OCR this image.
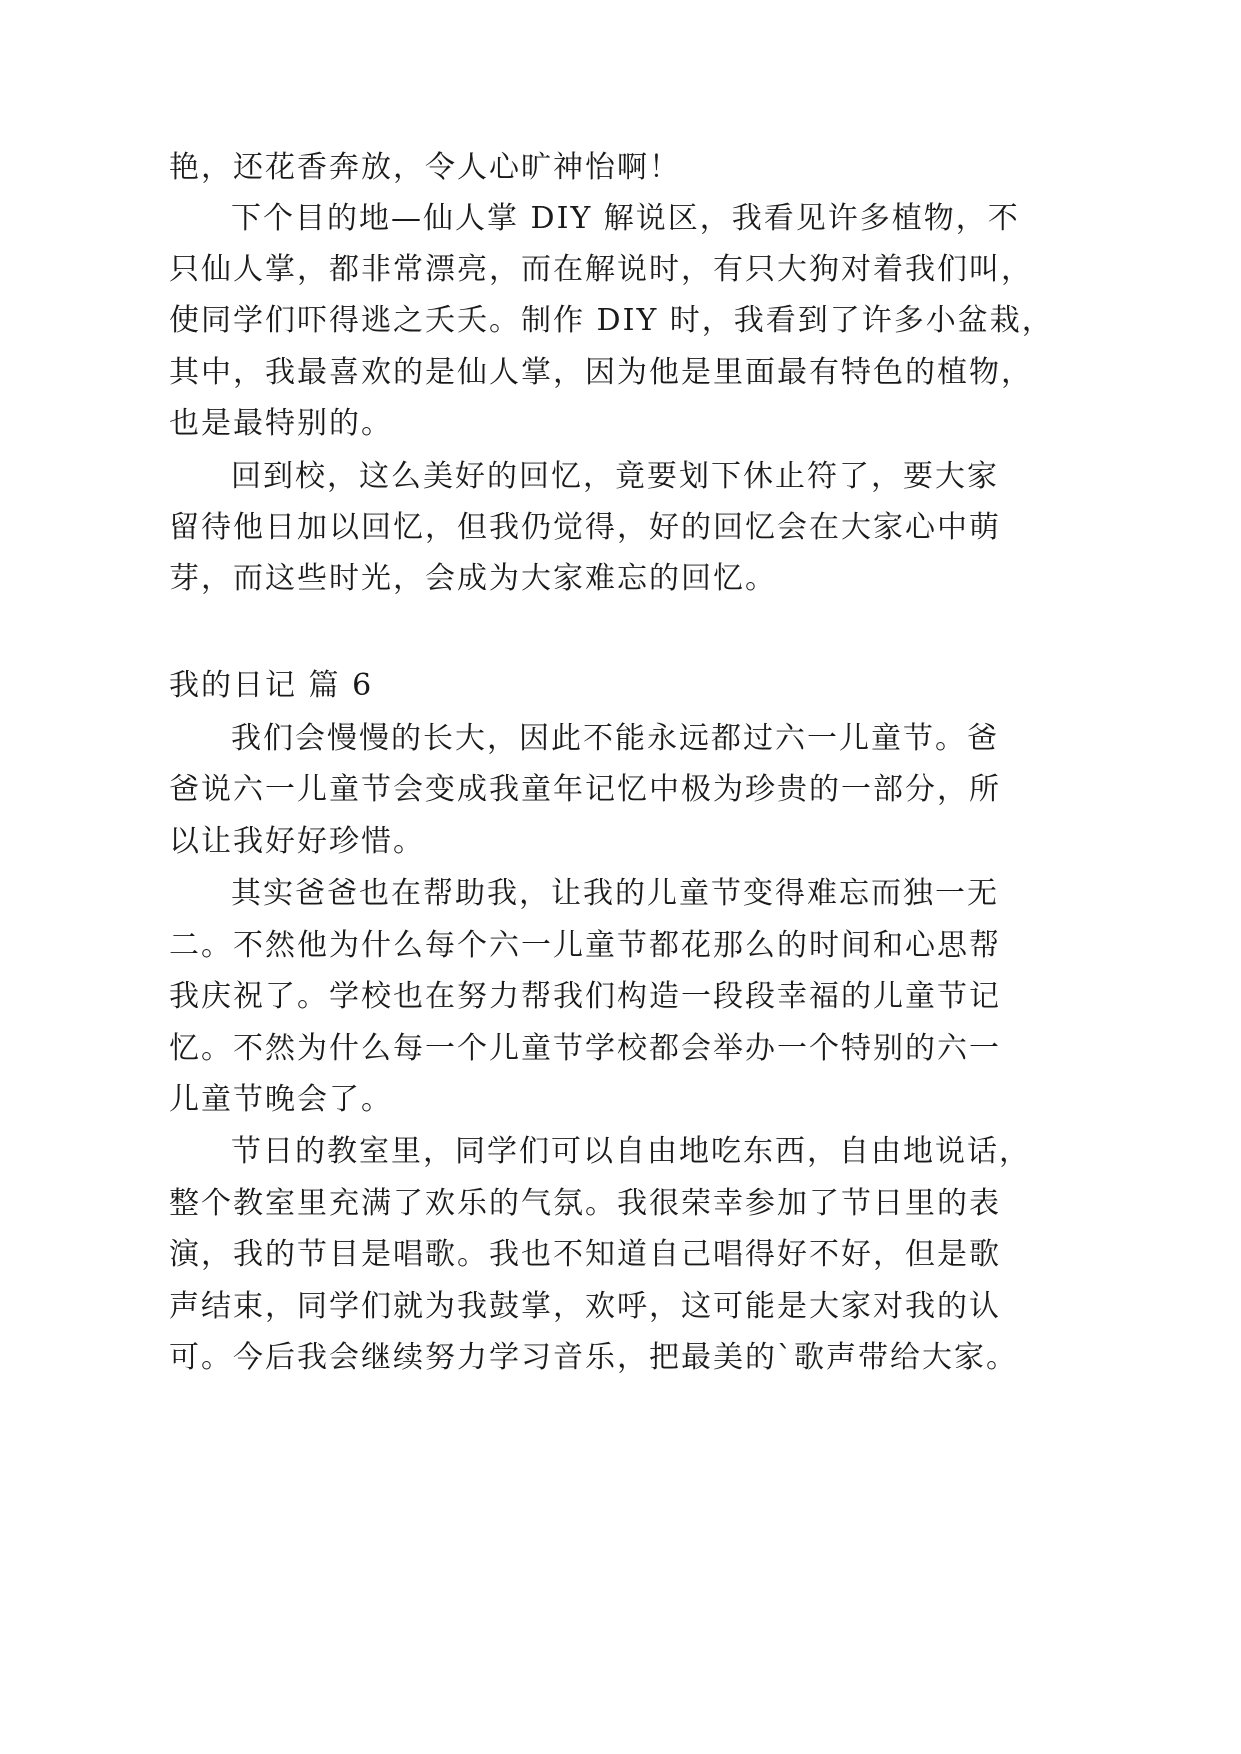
艳，还花香奔放，令人心旷神怡啊！
下个目的地—仙人掌 DIY 解说区，我看见许多植物，不
只仙人掌，都非常漂亮，而在解说时，有只大狗对着我们叫，
使同学们吓得逃之夭夭。制作 DIY 时，我看到了许多小盆栽，
其中，我最喜欢的是仙人掌，因为他是里面最有特色的植物，
也是最特别的。
回到校，这么美好的回忆，竟要划下休止符了，要大家
留待他日加以回忆，但我仍觉得，好的回忆会在大家心中萌
芽，而这些时光，会成为大家难忘的回忆。
我的日记 篇 6
我们会慢慢的长大，因此不能永远都过六一儿童节。爸
爸说六一儿童节会变成我童年记忆中极为珍贵的一部分，所
以让我好好珍惜。
其实爸爸也在帮助我，让我的儿童节变得难忘而独一无
二。不然他为什么每个六一儿童节都花那么的时间和心思帮
我庆祝了。学校也在努力帮我们构造一段段幸福的儿童节记
忆。不然为什么每一个儿童节学校都会举办一个特别的六一
儿童节晚会了。
节日的教室里，同学们可以自由地吃东西，自由地说话，
整个教室里充满了欢乐的气氛。我很荣幸参加了节日里的表
演，我的节目是唱歌。我也不知道自己唱得好不好，但是歌
声结束，同学们就为我鼓掌，欢呼，这可能是大家对我的认
可。今后我会继续努力学习音乐，把最美的`歌声带给大家。
